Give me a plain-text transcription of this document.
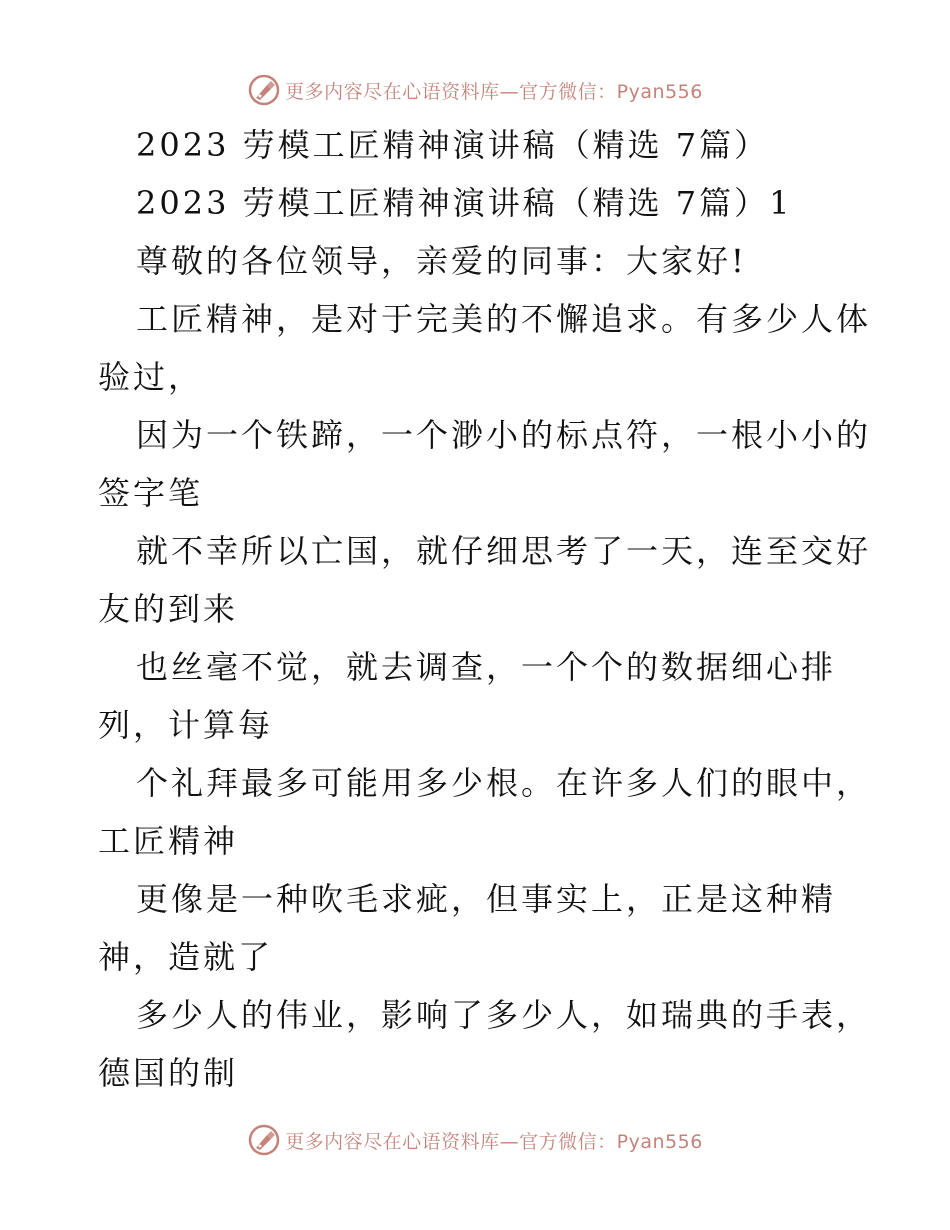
更多内容尽在心语资料库—官方微信：Pyan556
2023 劳模工匠精神演讲稿（精选 7篇）
2023 劳模工匠精神演讲稿（精选 7篇）1
尊敬的各位领导，亲爱的同事：大家好!
工匠精神，是对于完美的不懈追求。有多少人体
验过，
因为一个铁蹄，一个渺小的标点符，一根小小的
签字笔
就不幸所以亡国，就仔细思考了一天，连至交好
友的到来
也丝毫不觉，就去调查，一个个的数据细心排
列，计算每
个礼拜最多可能用多少根。在许多人们的眼中，
工匠精神
更像是一种吹毛求疵，但事实上，正是这种精
神，造就了
多少人的伟业，影响了多少人，如瑞典的手表，
德国的制
更多内容尽在心语资料库—官方微信：Pyan556
